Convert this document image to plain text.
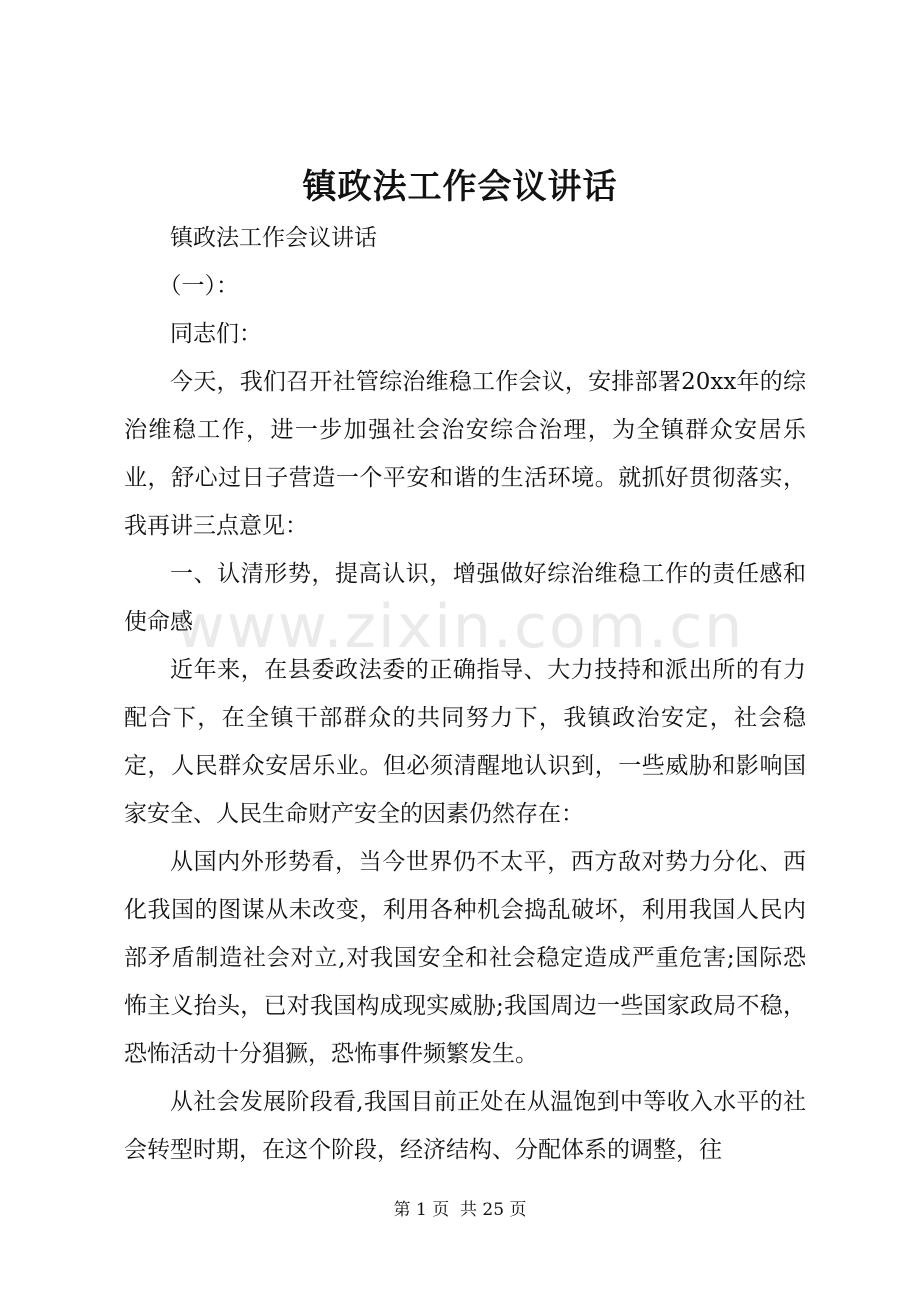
镇政法工作会议讲话

镇政法工作会议讲话

（一）：

同志们：

今天，我们召开社管综治维稳工作会议，安排部署20xx年的综治维稳工作，进一步加强社会治安综合治理，为全镇群众安居乐业，舒心过日子营造一个平安和谐的生活环境。就抓好贯彻落实，我再讲三点意见：

一、认清形势，提高认识，增强做好综治维稳工作的责任感和使命感

近年来，在县委政法委的正确指导、大力技持和派出所的有力配合下，在全镇干部群众的共同努力下，我镇政治安定，社会稳定，人民群众安居乐业。但必须清醒地认识到，一些威胁和影响国家安全、人民生命财产安全的因素仍然存在：

从国内外形势看，当今世界仍不太平，西方敌对势力分化、西化我国的图谋从未改变，利用各种机会捣乱破坏，利用我国人民内部矛盾制造社会对立,对我国安全和社会稳定造成严重危害;国际恐怖主义抬头，已对我国构成现实威胁;我国周边一些国家政局不稳，恐怖活动十分猖獗，恐怖事件频繁发生。

从社会发展阶段看,我国目前正处在从温饱到中等收入水平的社会转型时期，在这个阶段，经济结构、分配体系的调整，往

www.zixin.com.cn
第 1 页 共 25 页
